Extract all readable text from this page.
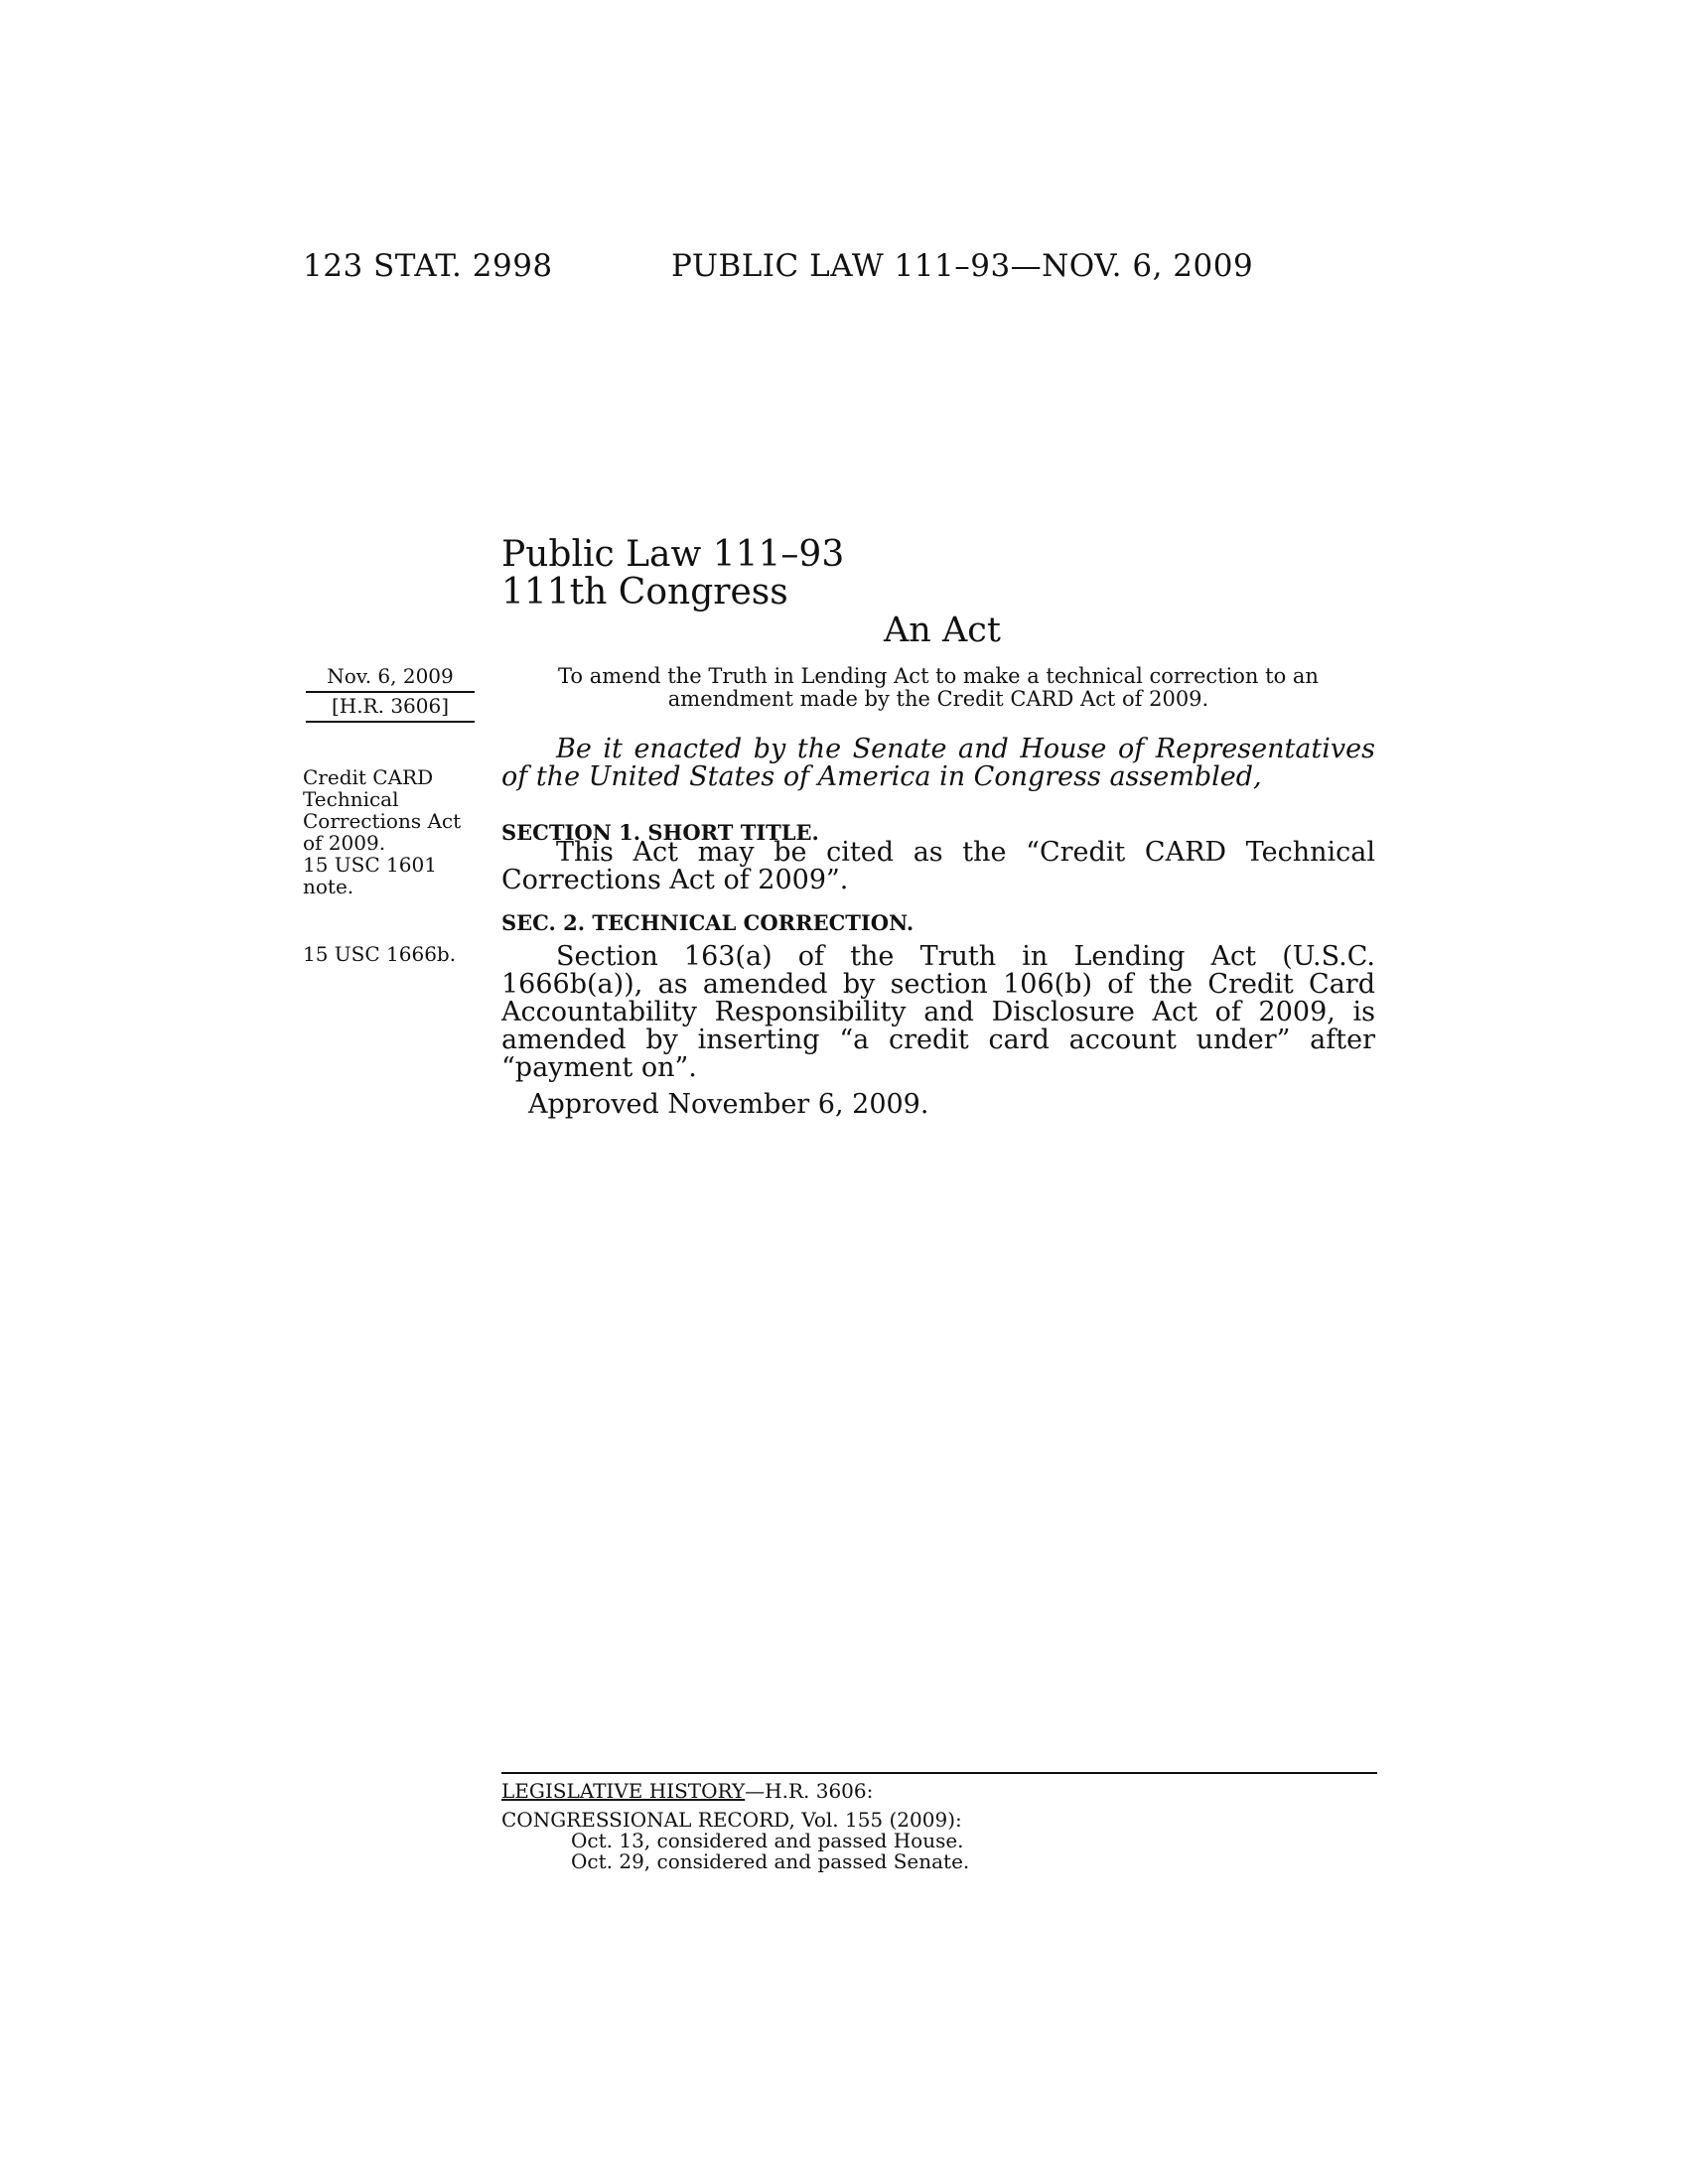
123 STAT. 2998	PUBLIC LAW 111–93—NOV. 6, 2009
Public Law 111–93
111th Congress
An Act
Nov. 6, 2009
[H.R. 3606]
Credit CARD
Technical
Corrections Act
of 2009.
15 USC 1601
note.
15 USC 1666b.
To amend the Truth in Lending Act to make a technical correction to an amendment made by the Credit CARD Act of 2009.

Be it enacted by the Senate and House of Representatives of the United States of America in Congress assembled,

SECTION 1. SHORT TITLE.

This Act may be cited as the “Credit CARD Technical Corrections Act of 2009”.

SEC. 2. TECHNICAL CORRECTION.

Section 163(a) of the Truth in Lending Act (U.S.C. 1666b(a)), as amended by section 106(b) of the Credit Card Accountability Responsibility and Disclosure Act of 2009, is amended by inserting “a credit card account under” after “payment on”.

Approved November 6, 2009.
LEGISLATIVE HISTORY—H.R. 3606:
CONGRESSIONAL RECORD, Vol. 155 (2009):
Oct. 13, considered and passed House.
Oct. 29, considered and passed Senate.
